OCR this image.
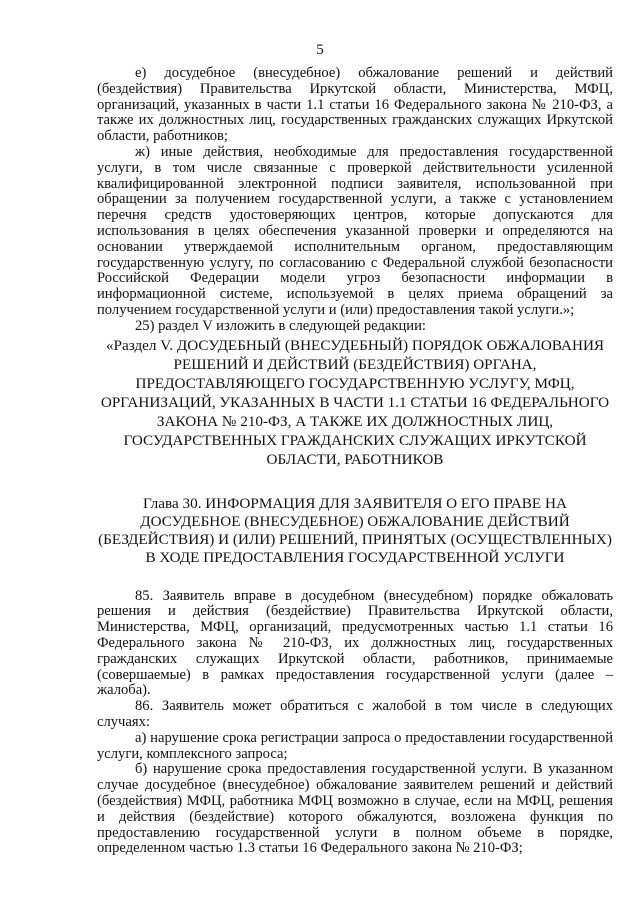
5

е) досудебное (внесудебное) обжалование решений и действий (бездействия) Правительства Иркутской области, Министерства, МФЦ, организаций, указанных в части 1.1 статьи 16 Федерального закона № 210-ФЗ, а также их должностных лиц, государственных гражданских служащих Иркутской области, работников;

ж) иные действия, необходимые для предоставления государственной услуги, в том числе связанные с проверкой действительности усиленной квалифицированной электронной подписи заявителя, использованной при обращении за получением государственной услуги, а также с установлением перечня средств удостоверяющих центров, которые допускаются для использования в целях обеспечения указанной проверки и определяются на основании утверждаемой исполнительным органом, предоставляющим государственную услугу, по согласованию с Федеральной службой безопасности Российской Федерации модели угроз безопасности информации в информационной системе, используемой в целях приема обращений за получением государственной услуги и (или) предоставления такой услуги.»;

25) раздел V изложить в следующей редакции:

«Раздел V. ДОСУДЕБНЫЙ (ВНЕСУДЕБНЫЙ) ПОРЯДОК ОБЖАЛОВАНИЯ РЕШЕНИЙ И ДЕЙСТВИЙ (БЕЗДЕЙСТВИЯ) ОРГАНА, ПРЕДОСТАВЛЯЮЩЕГО ГОСУДАРСТВЕННУЮ УСЛУГУ, МФЦ, ОРГАНИЗАЦИЙ, УКАЗАННЫХ В ЧАСТИ 1.1 СТАТЬИ 16 ФЕДЕРАЛЬНОГО ЗАКОНА № 210-ФЗ, А ТАКЖЕ ИХ ДОЛЖНОСТНЫХ ЛИЦ, ГОСУДАРСТВЕННЫХ ГРАЖДАНСКИХ СЛУЖАЩИХ ИРКУТСКОЙ ОБЛАСТИ, РАБОТНИКОВ
Глава 30. ИНФОРМАЦИЯ ДЛЯ ЗАЯВИТЕЛЯ О ЕГО ПРАВЕ НА ДОСУДЕБНОЕ (ВНЕСУДЕБНОЕ) ОБЖАЛОВАНИЕ ДЕЙСТВИЙ (БЕЗДЕЙСТВИЯ) И (ИЛИ) РЕШЕНИЙ, ПРИНЯТЫХ (ОСУЩЕСТВЛЕННЫХ) В ХОДЕ ПРЕДОСТАВЛЕНИЯ ГОСУДАРСТВЕННОЙ УСЛУГИ

85. Заявитель вправе в досудебном (внесудебном) порядке обжаловать решения и действия (бездействие) Правительства Иркутской области, Министерства, МФЦ, организаций, предусмотренных частью 1.1 статьи 16 Федерального закона № 210-ФЗ, их должностных лиц, государственных гражданских служащих Иркутской области, работников, принимаемые (совершаемые) в рамках предоставления государственной услуги (далее – жалоба).

86. Заявитель может обратиться с жалобой в том числе в следующих случаях:

а) нарушение срока регистрации запроса о предоставлении государственной услуги, комплексного запроса;

б) нарушение срока предоставления государственной услуги. В указанном случае досудебное (внесудебное) обжалование заявителем решений и действий (бездействия) МФЦ, работника МФЦ возможно в случае, если на МФЦ, решения и действия (бездействие) которого обжалуются, возложена функция по предоставлению государственной услуги в полном объеме в порядке, определенном частью 1.3 статьи 16 Федерального закона № 210-ФЗ;
